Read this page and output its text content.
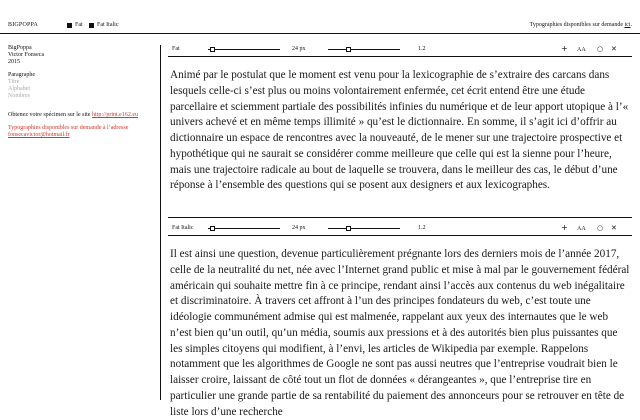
BIGPOPPA	Fat Fat Italic	Typographies disponibles sur demande ici.
BigPoppa
Victor Fonseca
2015
Paragraphe
Titre
Alphabet
Nombres
Obtenez votre spécimen sur le site http://print.e162.eu
Typographies disponibles sur demande à l’adresse
fonsecavictor@hotmail.fr
Fat	24 px	1.2	+ AA ○ ✕
Animé par le postulat que le moment est venu pour la lexicographie de s’extraire des carcans dans lesquels celle-ci s’est plus ou moins volontairement enfermée, cet écrit entend être une étude parcellaire et sciemment partiale des possibilités infinies du numérique et de leur apport utopique à l’« univers achevé et en même temps illimité » qu’est le dictionnaire. En somme, il s’agit ici d’offrir au dictionnaire un espace de rencontres avec la nouveauté, de le mener sur une trajectoire prospective et hypothétique qui ne saurait se considérer comme meilleure que celle qui est la sienne pour l’heure, mais une trajectoire radicale au bout de laquelle se trouvera, dans le meilleur des cas, le début d’une réponse à l’ensemble des questions qui se posent aux designers et aux lexicographes.
Fat Italic	24 px	1.2	+ AA ○ ✕
Il est ainsi une question, devenue particulièrement prégnante lors des derniers mois de l’année 2017, celle de la neutralité du net, née avec l’Internet grand public et mise à mal par le gouvernement fédéral américain qui souhaite mettre fin à ce principe, rendant ainsi l’accès aux contenus du web inégalitaire et discriminatoire. À travers cet affront à l’un des principes fondateurs du web, c’est toute une idéologie communément admise qui est malmenée, rappelant aux yeux des internautes que le web n’est bien qu’un outil, qu’un média, soumis aux pressions et à des autorités bien plus puissantes que les simples citoyens qui modifient, à l’envi, les articles de Wikipedia par exemple. Rappelons notamment que les algorithmes de Google ne sont pas aussi neutres que l’entreprise voudrait bien le laisser croire, laissant de côté tout un flot de données « dérangeantes », que l’entreprise tire en particulier une grande partie de sa rentabilité du paiement des annonceurs pour se retrouver en tête de liste lors d’une recherche
